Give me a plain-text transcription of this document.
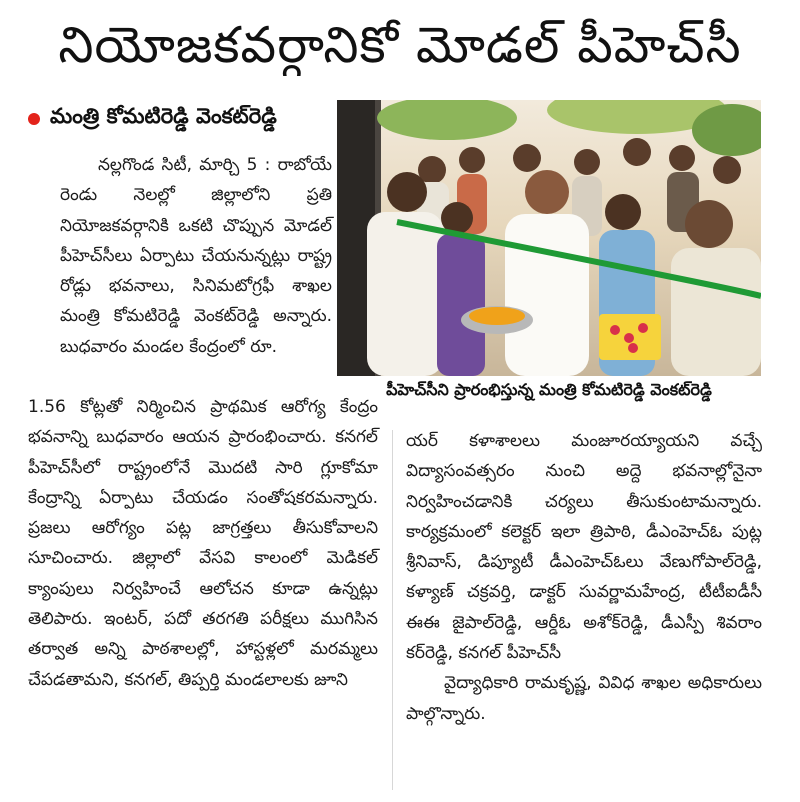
నియోజకవర్గానికో మోడల్ పీహెచ్‌సీ
మంత్రి కోమటిరెడ్డి వెంకట్‌రెడ్డి
పీహెచ్‌సీని ప్రారంభిస్తున్న మంత్రి కోమటిరెడ్డి వెంకట్‌రెడ్డి

నల్లగొండ సిటీ, మార్చి 5 : రాబోయే రెండు నెలల్లో జిల్లాలోని ప్రతి నియోజకవర్గానికి ఒకటి చొప్పున మోడల్ పీహెచ్‌సీలు ఏర్పాటు చేయనున్నట్లు రాష్ట్ర రోడ్లు భవనాలు, సినిమటోగ్రఫీ శాఖల మంత్రి కోమటిరెడ్డి వెంకట్‌రెడ్డి అన్నారు. బుధవారం మండల కేంద్రంలో రూ.

1.56 కోట్లతో నిర్మించిన ప్రాథమిక ఆరోగ్య కేంద్రం భవనాన్ని బుధవారం ఆయన ప్రారంభించారు. కనగల్ పీహెచ్‌సీలో రాష్ట్రంలోనే మొదటి సారి గ్లూకోమా కేంద్రాన్ని ఏర్పాటు చేయడం సంతోషకరమన్నారు. ప్రజలు ఆరోగ్యం పట్ల జాగ్రత్తలు తీసుకోవాలని సూచించారు. జిల్లాలో వేసవి కాలంలో మెడికల్ క్యాంపులు నిర్వహించే ఆలోచన కూడా ఉన్నట్లు తెలిపారు. ఇంటర్, పదో తరగతి పరీక్షలు ముగిసిన తర్వాత అన్ని పాఠశాలల్లో, హాస్టళ్లలో మరమ్మలు చేపడతామని, కనగల్, తిప్పర్తి మండలాలకు జూని

యర్ కళాశాలలు మంజూరయ్యాయని వచ్చే విద్యాసంవత్సరం నుంచి అద్దె భవనాల్లోనైనా నిర్వహించడానికి చర్యలు తీసుకుంటామన్నారు. కార్యక్రమంలో కలెక్టర్ ఇలా త్రిపాఠి, డీఎంహెచ్ఓ పుట్ల శ్రీనివాస్, డిప్యూటీ డీఎంహెచ్ఓలు వేణుగోపాల్‌రెడ్డి, కళ్యాణ్ చక్రవర్తి, డాక్టర్ సువర్ణామహేంద్ర, టీటీఐడీసీ ఈఈ జైపాల్‌రెడ్డి, ఆర్డీఓ అశోక్‌రెడ్డి, డీఎస్పీ శివరాం కర్‌రెడ్డి, కనగల్ పీహెచ్‌సీ

వైద్యాధికారి రామకృష్ణ, వివిధ శాఖల అధికారులు పాల్గొన్నారు.
